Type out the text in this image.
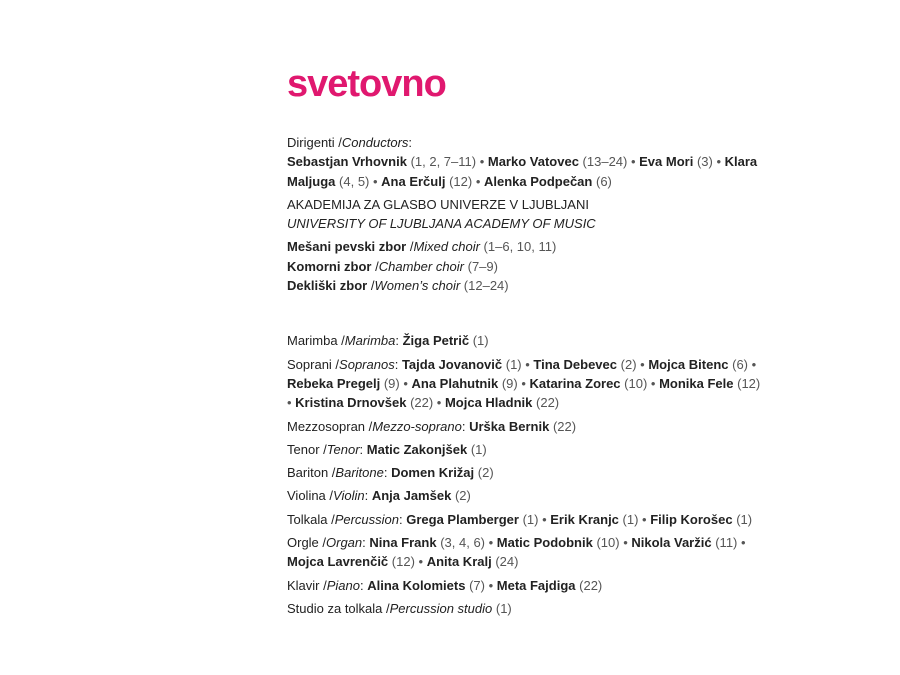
svetovno
Dirigenti /Conductors:
Sebastjan Vrhovnik (1, 2, 7–11) • Marko Vatovec (13–24) • Eva Mori (3) • Klara Maljuga (4, 5) • Ana Erčulj (12) • Alenka Podpečan (6)
AKADEMIJA ZA GLASBO UNIVERZE V LJUBLJANI
UNIVERSITY OF LJUBLJANA ACADEMY OF MUSIC
Mešani pevski zbor /Mixed choir (1–6, 10, 11)
Komorni zbor /Chamber choir (7–9)
Dekliški zbor /Women’s choir (12–24)
Marimba /Marimba: Žiga Petrič (1)
Soprani /Sopranos: Tajda Jovanovič (1) • Tina Debevec (2) • Mojca Bitenc (6) • Rebeka Pregelj (9) • Ana Plahutnik (9) • Katarina Zorec (10) • Monika Fele (12) • Kristina Drnovšek (22) • Mojca Hladnik (22)
Mezzosopran /Mezzo-soprano: Urška Bernik (22)
Tenor /Tenor: Matic Zakonjšek (1)
Bariton /Baritone: Domen Križaj (2)
Violina /Violin: Anja Jamšek (2)
Tolkala /Percussion: Grega Plamberger (1) • Erik Kranjc (1) • Filip Korošec (1)
Orgle /Organ: Nina Frank (3, 4, 6) • Matic Podobnik (10) • Nikola Varžić (11) • Mojca Lavrenčič (12) • Anita Kralj (24)
Klavir /Piano: Alina Kolomiets (7) • Meta Fajdiga (22)
Studio za tolkala /Percussion studio (1)
